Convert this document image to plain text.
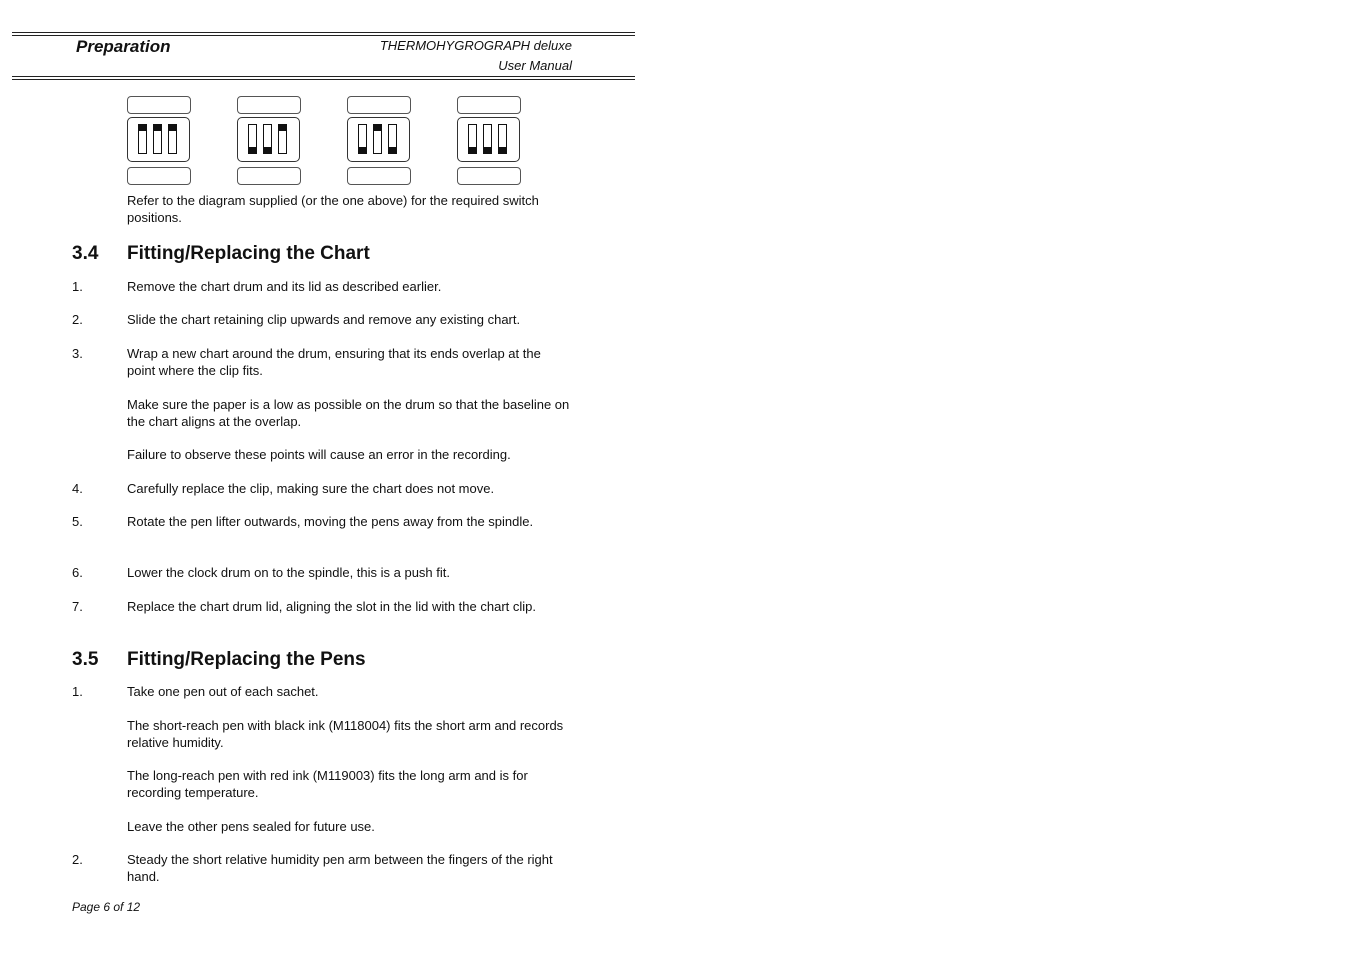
Preparation	THERMOHYGROGRAPH deluxe
User Manual
Refer to the diagram supplied (or the one above) for the required switch positions.
3.4 Fitting/Replacing the Chart
1.	Remove the chart drum and its lid as described earlier.
2.	Slide the chart retaining clip upwards and remove any existing chart.
3.	Wrap a new chart around the drum, ensuring that its ends overlap at the point where the clip fits.
Make sure the paper is a low as possible on the drum so that the baseline on the chart aligns at the overlap.
Failure to observe these points will cause an error in the recording.
4.	Carefully replace the clip, making sure the chart does not move.
5.	Rotate the pen lifter outwards, moving the pens away from the spindle.
6.	Lower the clock drum on to the spindle, this is a push fit.
7.	Replace the chart drum lid, aligning the slot in the lid with the chart clip.
3.5 Fitting/Replacing the Pens
1.	Take one pen out of each sachet.
The short-reach pen with black ink (M118004) fits the short arm and records relative humidity.
The long-reach pen with red ink (M119003) fits the long arm and is for recording temperature.
Leave the other pens sealed for future use.
2.	Steady the short relative humidity pen arm between the fingers of the right hand.
Page 6 of 12
